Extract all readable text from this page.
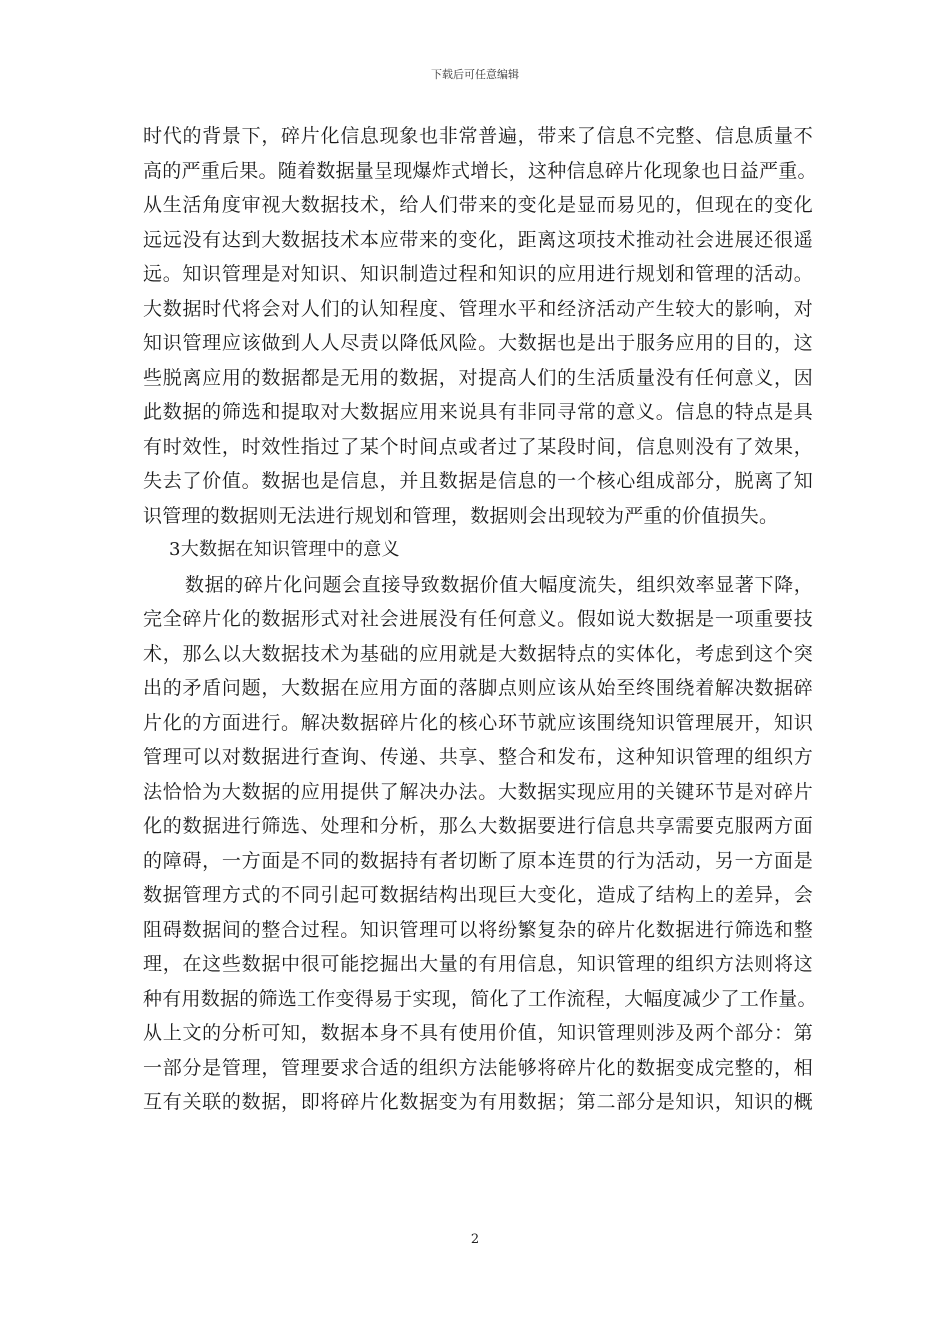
下载后可任意编辑
时代的背景下，碎片化信息现象也非常普遍，带来了信息不完整、信息质量不
高的严重后果。随着数据量呈现爆炸式增长，这种信息碎片化现象也日益严重。
从生活角度审视大数据技术，给人们带来的变化是显而易见的，但现在的变化
远远没有达到大数据技术本应带来的变化，距离这项技术推动社会进展还很遥
远。知识管理是对知识、知识制造过程和知识的应用进行规划和管理的活动。
大数据时代将会对人们的认知程度、管理水平和经济活动产生较大的影响，对
知识管理应该做到人人尽责以降低风险。大数据也是出于服务应用的目的，这
些脱离应用的数据都是无用的数据，对提高人们的生活质量没有任何意义，因
此数据的筛选和提取对大数据应用来说具有非同寻常的意义。信息的特点是具
有时效性，时效性指过了某个时间点或者过了某段时间，信息则没有了效果，
失去了价值。数据也是信息，并且数据是信息的一个核心组成部分，脱离了知
识管理的数据则无法进行规划和管理，数据则会出现较为严重的价值损失。
3大数据在知识管理中的意义
数据的碎片化问题会直接导致数据价值大幅度流失，组织效率显著下降，
完全碎片化的数据形式对社会进展没有任何意义。假如说大数据是一项重要技
术，那么以大数据技术为基础的应用就是大数据特点的实体化，考虑到这个突
出的矛盾问题，大数据在应用方面的落脚点则应该从始至终围绕着解决数据碎
片化的方面进行。解决数据碎片化的核心环节就应该围绕知识管理展开，知识
管理可以对数据进行查询、传递、共享、整合和发布，这种知识管理的组织方
法恰恰为大数据的应用提供了解决办法。大数据实现应用的关键环节是对碎片
化的数据进行筛选、处理和分析，那么大数据要进行信息共享需要克服两方面
的障碍，一方面是不同的数据持有者切断了原本连贯的行为活动，另一方面是
数据管理方式的不同引起可数据结构出现巨大变化，造成了结构上的差异，会
阻碍数据间的整合过程。知识管理可以将纷繁复杂的碎片化数据进行筛选和整
理，在这些数据中很可能挖掘出大量的有用信息，知识管理的组织方法则将这
种有用数据的筛选工作变得易于实现，简化了工作流程，大幅度减少了工作量。
从上文的分析可知，数据本身不具有使用价值，知识管理则涉及两个部分：第
一部分是管理，管理要求合适的组织方法能够将碎片化的数据变成完整的，相
互有关联的数据，即将碎片化数据变为有用数据；第二部分是知识，知识的概
2
